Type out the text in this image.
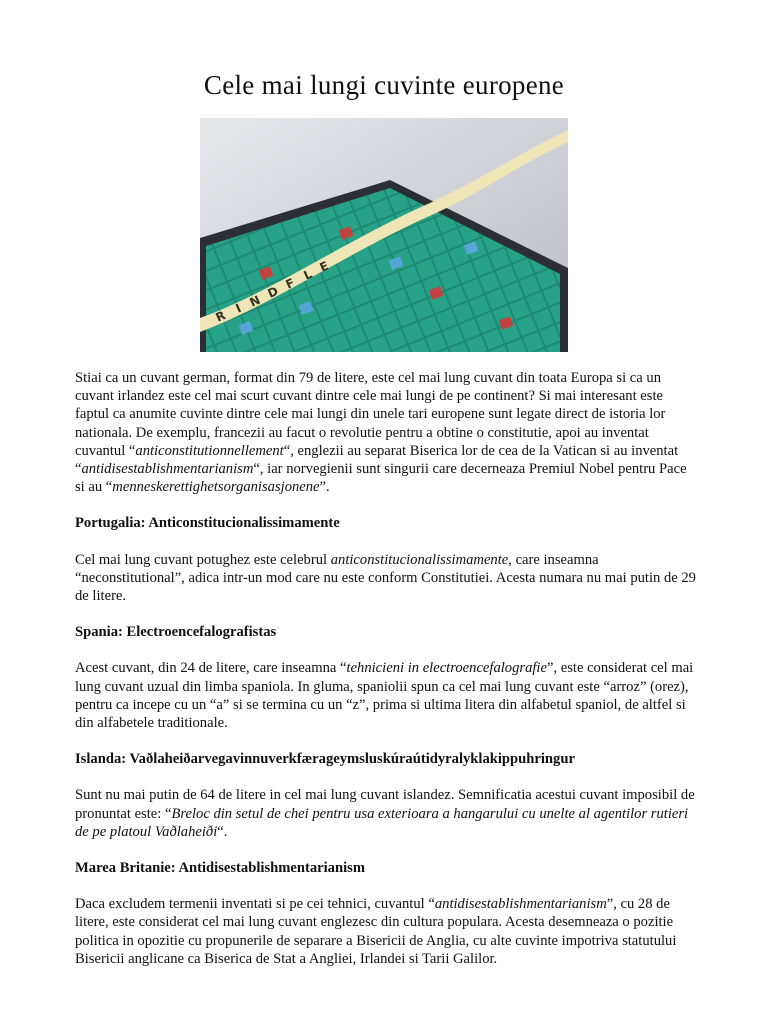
Cele mai lungi cuvinte europene
R I N
D
F
L
E

Stiai ca un cuvant german, format din 79 de litere, este cel mai lung cuvant din toata Europa si ca un cuvant irlandez este cel mai scurt cuvant dintre cele mai lungi de pe continent? Si mai interesant este faptul ca anumite cuvinte dintre cele mai lungi din unele tari europene sunt legate direct de istoria lor nationala. De exemplu, francezii au facut o revolutie pentru a obtine o constitutie, apoi au inventat cuvantul “anticonstitutionnellement“, englezii au separat Biserica lor de cea de la Vatican si au inventat “antidisestablishmentarianism“, iar norvegienii sunt singurii care decerneaza Premiul Nobel pentru Pace si au “menneskerettighetsorganisasjonene”.

Portugalia: Anticonstitucionalissimamente

Cel mai lung cuvant potughez este celebrul anticonstitucionalissimamente, care inseamna “neconstitutional”, adica intr-un mod care nu este conform Constitutiei. Acesta numara nu mai putin de 29 de litere.

Spania: Electroencefalografistas

Acest cuvant, din 24 de litere, care inseamna “tehnicieni in electroencefalografie”, este considerat cel mai lung cuvant uzual din limba spaniola. In gluma, spaniolii spun ca cel mai lung cuvant este “arroz” (orez), pentru ca incepe cu un “a” si se termina cu un “z”, prima si ultima litera din alfabetul spaniol, de altfel si din alfabetele traditionale.

Islanda: Vaðlaheiðarvegavinnuverkfærageymsluskúraútidyralyklakippuhringur

Sunt nu mai putin de 64 de litere in cel mai lung cuvant islandez. Semnificatia acestui cuvant imposibil de pronuntat este: “Breloc din setul de chei pentru usa exterioara a hangarului cu unelte al agentilor rutieri de pe platoul Vaðlaheiði“.

Marea Britanie: Antidisestablishmentarianism

Daca excludem termenii inventati si pe cei tehnici, cuvantul “antidisestablishmentarianism”, cu 28 de litere, este considerat cel mai lung cuvant englezesc din cultura populara. Acesta desemneaza o pozitie politica in opozitie cu propunerile de separare a Bisericii de Anglia, cu alte cuvinte impotriva statutului Bisericii anglicane ca Biserica de Stat a Angliei, Irlandei si Tarii Galilor.
